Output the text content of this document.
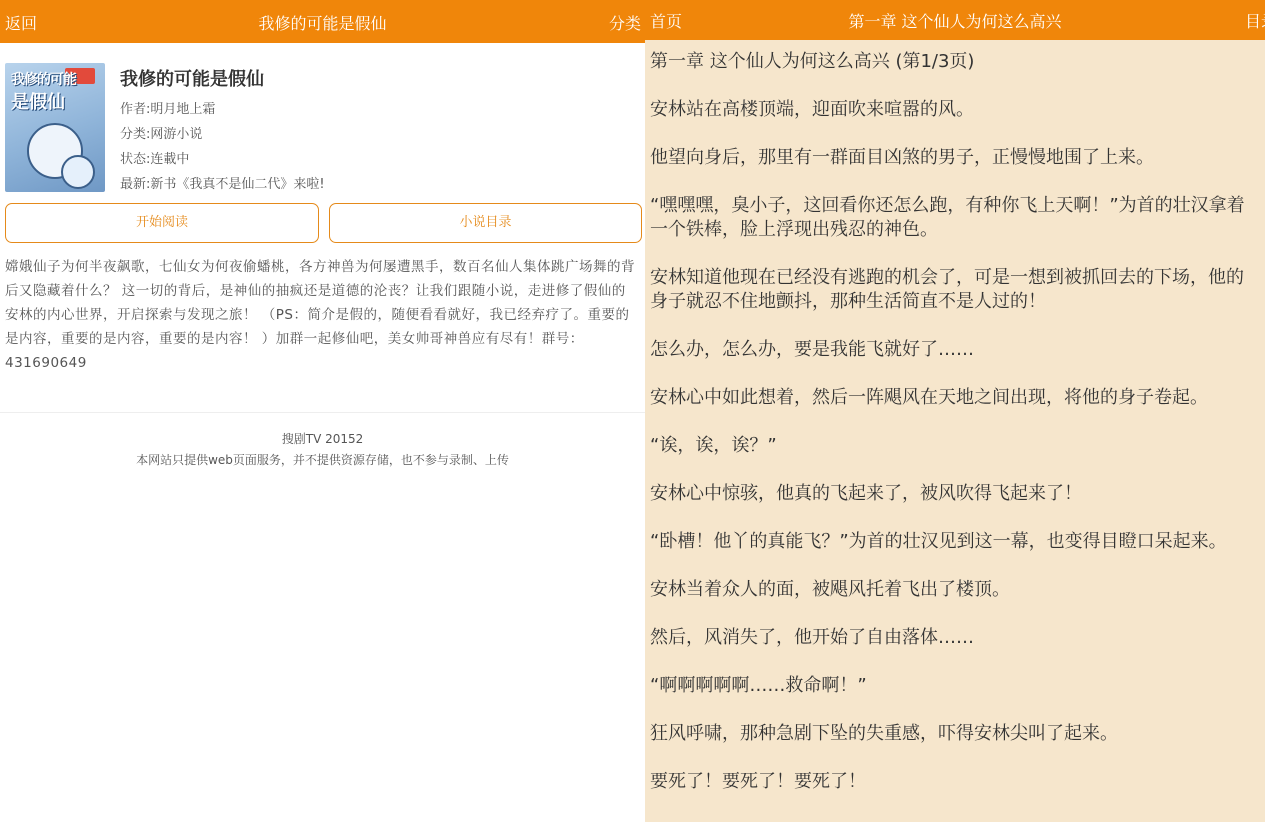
返回	我修的可能是假仙	分类
我修的可能
是假仙
我修的可能是假仙
作者:明月地上霜
分类:网游小说
状态:连載中
最新:新书《我真不是仙二代》来啦!
开始阅读	小说目录
嫦娥仙子为何半夜飙歌，七仙女为何夜偷蟠桃，各方神兽为何屡遭黑手，数百名仙人集体跳广场舞的背后又隐藏着什么？ 这一切的背后，是神仙的抽疯还是道德的沦丧？让我们跟随小说，走进修了假仙的安林的内心世界，开启探索与发现之旅！ （PS：简介是假的，随便看看就好，我已经弃疗了。重要的是内容，重要的是内容，重要的是内容！ ）加群一起修仙吧，美女帅哥神兽应有尽有！群号：431690649
搜剧TV 20152
本网站只提供web页面服务，并不提供资源存储，也不参与录制、上传
首页	第一章 这个仙人为何这么高兴	目录

第一章 这个仙人为何这么高兴 (第1/3页)

安林站在高楼顶端，迎面吹来喧嚣的风。

他望向身后，那里有一群面目凶煞的男子，正慢慢地围了上来。

“嘿嘿嘿，臭小子，这回看你还怎么跑，有种你飞上天啊！”为首的壮汉拿着一个铁棒，脸上浮现出残忍的神色。

安林知道他现在已经没有逃跑的机会了，可是一想到被抓回去的下场，他的身子就忍不住地颤抖，那种生活简直不是人过的！

怎么办，怎么办，要是我能飞就好了……

安林心中如此想着，然后一阵飓风在天地之间出现，将他的身子卷起。

“诶，诶，诶？”

安林心中惊骇，他真的飞起来了，被风吹得飞起来了！

“卧槽！他丫的真能飞？”为首的壮汉见到这一幕，也变得目瞪口呆起来。

安林当着众人的面，被飓风托着飞出了楼顶。

然后，风消失了，他开始了自由落体……

“啊啊啊啊啊……救命啊！”

狂风呼啸，那种急剧下坠的失重感，吓得安林尖叫了起来。

要死了！要死了！要死了！
